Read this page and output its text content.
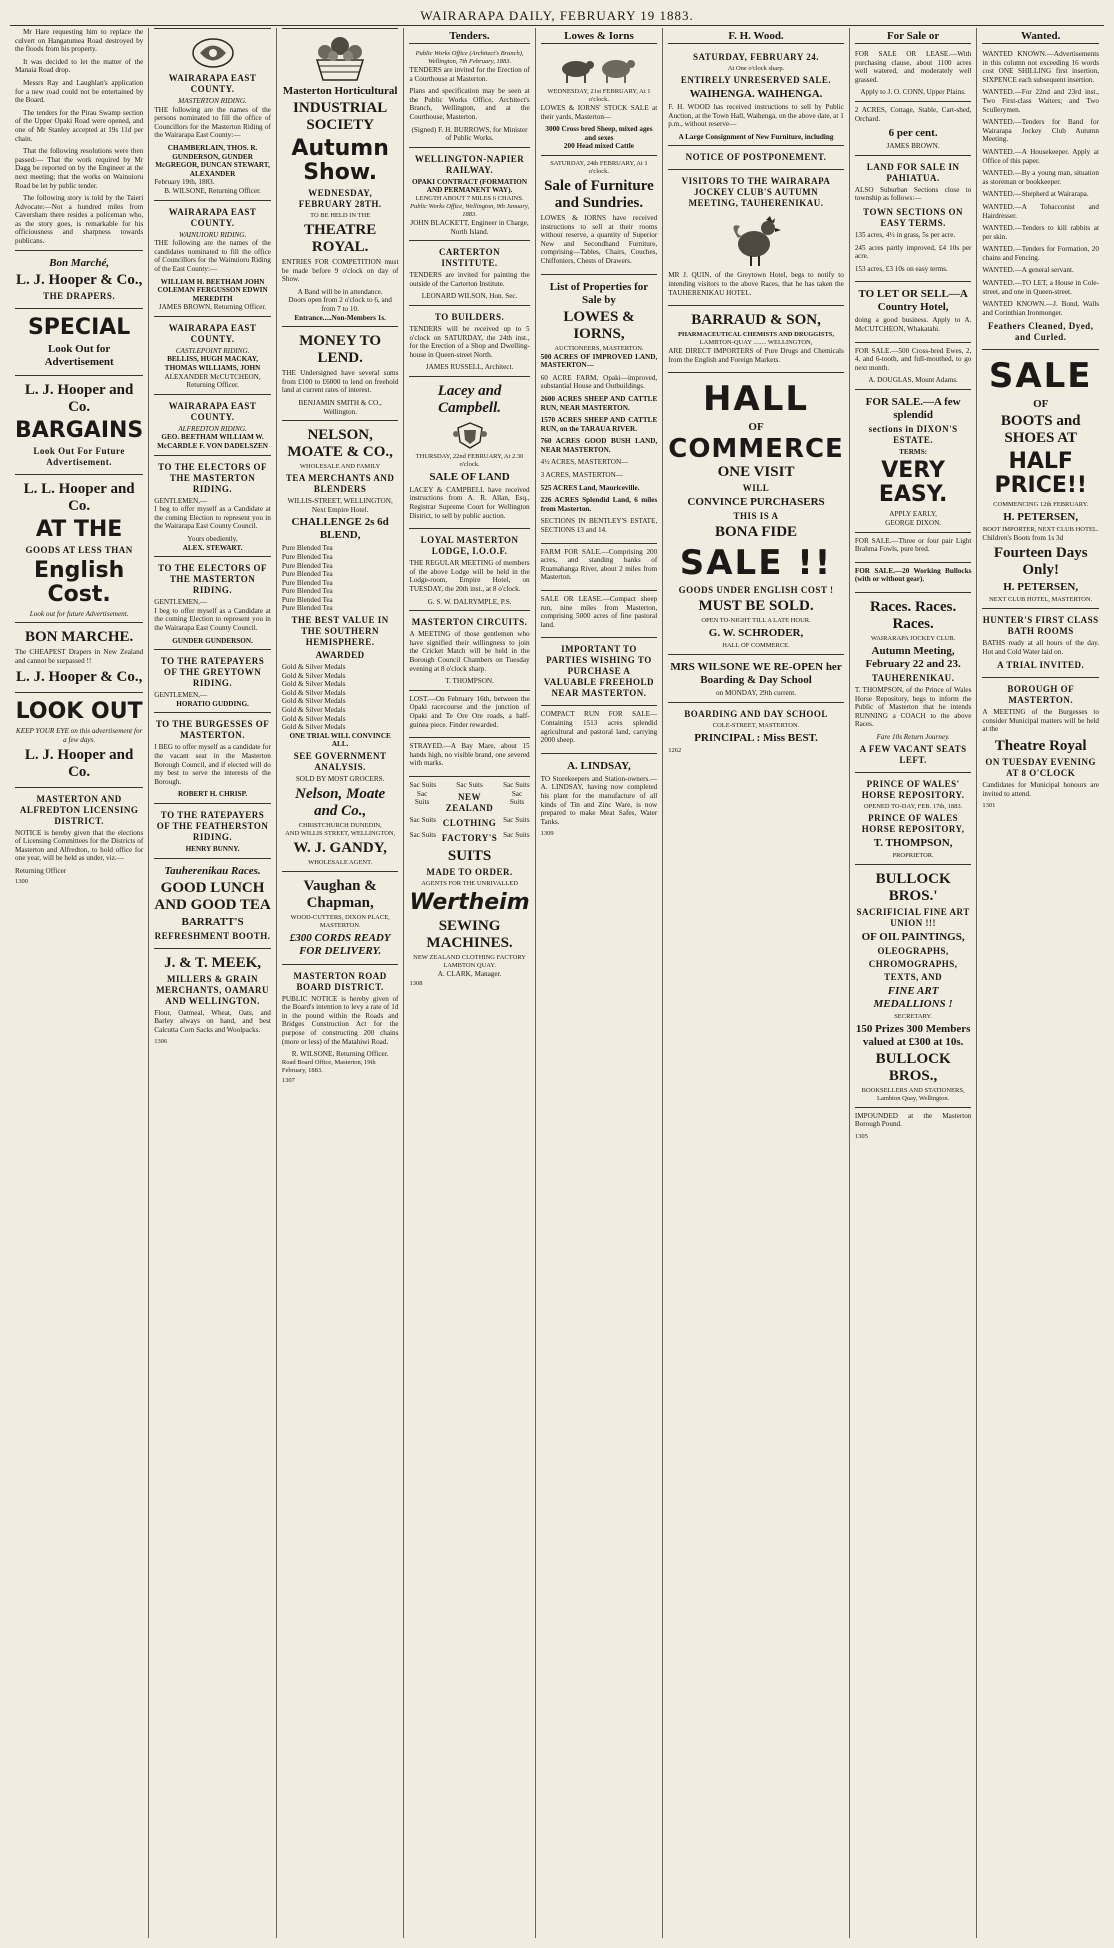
WAIRARAPA DAILY, FEBRUARY 19 1883.

Mr Hare requesting him to replace the culvert on Hangatumea Road destroyed by the floods from his property.

It was decided to let the matter of the Manaia Road drop.

Messrs Ray and Laughlan's application for a new road could not be entertained by the Board.

The tenders for the Pirau Swamp section of the Upper Opaki Road were opened, and one of Mr Stanley accepted at 19s 11d per chain.

That the following resolutions were then passed:— That the work required by Mr Dagg be reported on by the Engineer at the next meeting; that the works on Wainuioru Road be let by public tender.

The following story is told by the Taieri Advocate:—Not a hundred miles from Caversham there resides a policeman who, as the story goes, is remarkable for his officiousness and sharpness towards publicans.

Bon Marché,
L. J. Hooper & Co.,
THE DRAPERS.
SPECIAL
Look Out for Advertisement
L. J. Hooper and Co.
BARGAINS
Look Out For Future Advertisement.
L. L. Hooper and Co.
AT THE
GOODS AT LESS THAN
English Cost.
Look out for future Advertisement.
BON MARCHE.

The CHEAPEST Drapers in New Zealand and cannot be surpassed !!

L. J. Hooper & Co.,
LOOK OUT
KEEP YOUR EYE on this advertisement for a few days.
L. J. Hooper and Co.
MASTERTON AND ALFREDTON LICENSING DISTRICT.

NOTICE is hereby given that the elections of Licensing Committees for the Districts of Masterton and Alfredton, to hold office for one year, will be held as under, viz.—

Returning Officer
1300
WAIRARAPA EAST COUNTY.
MASTERTON RIDING.

THE following are the names of the persons nominated to fill the office of Councillors for the Masterton Riding of the Wairarapa East County:—

CHAMBERLAIN, THOS. R. GUNDERSON, GUNDER McGREGOR, DUNCAN STEWART, ALEXANDER
February 19th, 1883.
B. WILSONE, Returning Officer.
WAIRARAPA EAST COUNTY.
WAINUIORU RIDING.

THE following are the names of the candidates nominated to fill the office of Councillors for the Wainuioru Riding of the East County:—

WILLIAM H. BEETHAM JOHN COLEMAN FERGUSSON EDWIN MEREDITH
JAMES BROWN, Returning Officer.
WAIRARAPA EAST COUNTY.
CASTLEPOINT RIDING.
BELLISS, HUGH MACKAY, THOMAS WILLIAMS, JOHN
ALEXANDER McCUTCHEON, Returning Officer.
WAIRARAPA EAST COUNTY.
ALFREDTON RIDING.
GEO. BEETHAM WILLIAM W. McCARDLE F. VON DADELSZEN
TO THE ELECTORS OF THE MASTERTON RIDING.
GENTLEMEN,—

I beg to offer myself as a Candidate at the coming Election to represent you in the Wairarapa East County Council.

Yours obediently,
ALEX. STEWART.
TO THE ELECTORS OF THE MASTERTON RIDING.
GENTLEMEN,—

I beg to offer myself as a Candidate at the coming Election to represent you in the Wairarapa East County Council.

GUNDER GUNDERSON.
TO THE RATEPAYERS OF THE GREYTOWN RIDING.
GENTLEMEN,—
HORATIO GUDDING.
TO THE BURGESSES OF MASTERTON.

I BEG to offer myself as a candidate for the vacant seat in the Masterton Borough Council, and if elected will do my best to serve the interests of the Borough.

ROBERT H. CHRISP.
TO THE RATEPAYERS OF THE FEATHERSTON RIDING.
HENRY BUNNY.
Tauherenikau Races.
GOOD LUNCH AND GOOD TEA
BARRATT'S
REFRESHMENT BOOTH.
J. & T. MEEK,
MILLERS & GRAIN MERCHANTS, OAMARU AND WELLINGTON.

Flour, Oatmeal, Wheat, Oats, and Barley always on hand, and best Calcutta Corn Sacks and Woolpacks.

1306
Masterton Horticultural
INDUSTRIAL SOCIETY
Autumn Show.
WEDNESDAY, FEBRUARY 28TH.
TO BE HELD IN THE
THEATRE ROYAL.

ENTRIES FOR COMPETITION must be made before 9 o'clock on day of Show.

A Band will be in attendance.
Doors open from 2 o'clock to 6, and from 7 to 10.
Entrance.....Non-Members 1s.
MONEY TO LEND.

THE Undersigned have several sums from £100 to £6000 to lend on freehold land at current rates of interest.

BENJAMIN SMITH & CO., Wellington.
NELSON, MOATE & CO.,
WHOLESALE AND FAMILY
TEA MERCHANTS AND BLENDERS
WILLIS-STREET, WELLINGTON, Next Empire Hotel.
CHALLENGE 2s 6d BLEND,
Pure Blended Tea
Pure Blended Tea
Pure Blended Tea
Pure Blended Tea
Pure Blended Tea
Pure Blended Tea
Pure Blended Tea
Pure Blended Tea
THE BEST VALUE IN THE SOUTHERN HEMISPHERE.
AWARDED
Gold & Silver Medals
Gold & Silver Medals
Gold & Silver Medals
Gold & Silver Medals
Gold & Silver Medals
Gold & Silver Medals
Gold & Silver Medals
Gold & Silver Medals
ONE TRIAL WILL CONVINCE ALL.
SEE GOVERNMENT ANALYSIS.
SOLD BY MOST GROCERS.
Nelson, Moate and Co.,
CHRISTCHURCH DUNEDIN,
AND WILLIS STREET, WELLINGTON,
W. J. GANDY,
WHOLESALE AGENT.
Vaughan & Chapman,
WOOD-CUTTERS, DIXON PLACE, MASTERTON.
£300 CORDS READY FOR DELIVERY.
MASTERTON ROAD BOARD DISTRICT.

PUBLIC NOTICE is hereby given of the Board's intention to levy a rate of 1d in the pound within the Roads and Bridges Construction Act for the purpose of constructing 200 chains (more or less) of the Matahiwi Road.

R. WILSONE, Returning Officer.
Road Board Office, Masterton, 19th February, 1883.
1307
Tenders.
Public Works Office (Architect's Branch), Wellington, 7th February, 1883.

TENDERS are invited for the Erection of a Courthouse at Masterton.

Plans and specification may be seen at the Public Works Office, Architect's Branch, Wellington, and at the Courthouse, Masterton.

(Signed) F. H. BURROWS, for Minister of Public Works.
WELLINGTON-NAPIER RAILWAY.
OPAKI CONTRACT (FORMATION AND PERMANENT WAY).
LENGTH ABOUT 7 MILES 6 CHAINS.
Public Works Office, Wellington, 9th January, 1883.
JOHN BLACKETT, Engineer in Charge, North Island.
CARTERTON INSTITUTE.

TENDERS are invited for painting the outside of the Carterton Institute.

LEONARD WILSON, Hon. Sec.
TO BUILDERS.

TENDERS will be received up to 5 o'clock on SATURDAY, the 24th inst., for the Erection of a Shop and Dwelling-house in Queen-street North.

JAMES RUSSELL, Architect.
Lacey and Campbell.
THURSDAY, 22nd FEBRUARY, At 2.30 o'clock.
SALE OF LAND

LACEY & CAMPBELL have received instructions from A. R. Allan, Esq., Registrar Supreme Court for Wellington District, to sell by public auction.

LOYAL MASTERTON LODGE, I.O.O.F.

THE REGULAR MEETING of members of the above Lodge will be held in the Lodge-room, Empire Hotel, on TUESDAY, the 20th inst., at 8 o'clock.

G. S. W. DALRYMPLE, P.S.
MASTERTON CIRCUITS.

A MEETING of those gentlemen who have signified their willingness to join the Cricket Match will be held in the Borough Council Chambers on Tuesday evening at 8 o'clock sharp.

T. THOMPSON.

LOST.—On February 16th, between the Opaki racecourse and the junction of Opaki and Te Ore Ore roads, a half-guinea piece. Finder rewarded.

STRAYED.—A Bay Mare, about 15 hands high, no visible brand, one severed with marks.

Sac Suits	Sac Suits	Sac Suits
Sac Suits
NEW ZEALAND
Sac Suits
Sac Suits CLOTHING Sac Suits
Sac Suits FACTORY'S Sac Suits
SUITS
MADE TO ORDER.
AGENTS FOR THE UNRIVALLED
Wertheim
SEWING MACHINES.
NEW ZEALAND CLOTHING FACTORY LAMBTON QUAY.
A. CLARK, Manager.
1308
Lowes & Iorns
WEDNESDAY, 21st FEBRUARY, At 1 o'clock.

LOWES & IORNS' STOCK SALE at their yards, Masterton—

3000 Cross bred Sheep, mixed ages and sexes
200 Head mixed Cattle
SATURDAY, 24th FEBRUARY, At 1 o'clock.
Sale of Furniture and Sundries.

LOWES & IORNS have received instructions to sell at their rooms without reserve, a quantity of Superior New and Secondhand Furniture, comprising—Tables, Chairs, Couches, Chiffoniers, Chests of Drawers.

List of Properties for Sale by
LOWES & IORNS,
AUCTIONEERS, MASTERTON.

500 ACRES OF IMPROVED LAND, MASTERTON—

60 ACRE FARM, Opaki—improved, substantial House and Outbuildings.

2600 ACRES SHEEP AND CATTLE RUN, NEAR MASTERTON.

1570 ACRES SHEEP AND CATTLE RUN, on the TARAUA RIVER.

760 ACRES GOOD BUSH LAND, NEAR MASTERTON.

4½ ACRES, MASTERTON—

3 ACRES, MASTERTON—

525 ACRES Land, Mauriceville.

226 ACRES Splendid Land, 6 miles from Masterton.

SECTIONS IN BENTLEY'S ESTATE, SECTIONS 13 and 14.

FARM FOR SALE.—Comprising 200 acres, and standing banks of Ruamahanga River, about 2 miles from Masterton.

SALE OR LEASE.—Compact sheep run, nine miles from Masterton, comprising 5000 acres of fine pastoral land.

IMPORTANT TO PARTIES WISHING TO PURCHASE A VALUABLE FREEHOLD NEAR MASTERTON.

COMPACT RUN FOR SALE—Containing 1513 acres splendid agricultural and pastoral land, carrying 2000 sheep.

A. LINDSAY,

TO Storekeepers and Station-owners.—A. LINDSAY, having now completed his plant for the manufacture of all kinds of Tin and Zinc Ware, is now prepared to make Meat Safes, Water Tanks.

1309
F. H. Wood.
SATURDAY, FEBRUARY 24.
At One o'clock sharp.
ENTIRELY UNRESERVED SALE.
WAIHENGA. WAIHENGA.

F. H. WOOD has received instructions to sell by Public Auction, at the Town Hall, Waihenga, on the above date, at 1 p.m., without reserve—

A Large Consignment of New Furniture, including
NOTICE OF POSTPONEMENT.
VISITORS TO THE WAIRARAPA JOCKEY CLUB'S AUTUMN MEETING, TAUHERENIKAU.

MR J. QUIN, of the Greytown Hotel, begs to notify to intending visitors to the above Races, that he has taken the TAUHERENIKAU HOTEL.

BARRAUD & SON,
PHARMACEUTICAL CHEMISTS AND DRUGGISTS,
LAMBTON-QUAY ........ WELLINGTON,

ARE DIRECT IMPORTERS of Pure Drugs and Chemicals from the English and Foreign Markets.

HALL
OF
COMMERCE
ONE VISIT
WILL
CONVINCE PURCHASERS
THIS IS A
BONA FIDE
SALE !!
GOODS UNDER ENGLISH COST !
MUST BE SOLD.
OPEN TO-NIGHT TILL A LATE HOUR.
G. W. SCHRODER,
HALL OF COMMERCE.
MRS WILSONE WE RE-OPEN her Boarding & Day School
on MONDAY, 29th current.
BOARDING AND DAY SCHOOL
COLE-STREET, MASTERTON.
PRINCIPAL : Miss BEST.
1262
For Sale or

FOR SALE OR LEASE.—With purchasing clause, about 1100 acres well watered, and moderately well grassed.

Apply to J. O. CONN, Upper Plains.

2 ACRES, Cottage, Stable, Cart-shed, Orchard.

6 per cent.
JAMES BROWN.
LAND FOR SALE IN PAHIATUA.

ALSO Suburban Sections close to township as follows:—

TOWN SECTIONS ON EASY TERMS.

135 acres, 4½ in grass, 5s per acre.

245 acres partly improved, £4 10s per acre.

153 acres, £3 10s on easy terms.

TO LET OR SELL—A Country Hotel,

doing a good business. Apply to A. McCUTCHEON, Whakatahi.

FOR SALE.—500 Cross-bred Ewes, 2, 4, and 6-tooth, and full-mouthed, to go next month.

A. DOUGLAS, Mount Adams.
FOR SALE.—A few splendid
sections in DIXON'S ESTATE.
TERMS:
VERY EASY.
APPLY EARLY,
GEORGE DIXON.

FOR SALE.—Three or four pair Light Brahma Fowls, pure bred.

FOR SALE.—20 Working Bullocks (with or without gear).

Races. Races. Races.
WAIRARAPA JOCKEY CLUB.
Autumn Meeting, February 22 and 23.
TAUHERENIKAU.

T. THOMPSON, of the Prince of Wales Horse Repository, begs to inform the Public of Masterton that he intends RUNNING a COACH to the above Races.

Fare 10s Return Journey.
A FEW VACANT SEATS LEFT.
PRINCE OF WALES' HORSE REPOSITORY.
OPENED TO-DAY, FEB. 17th, 1883.
PRINCE OF WALES HORSE REPOSITORY,
T. THOMPSON,
PROPRIETOR.
BULLOCK BROS.'
SACRIFICIAL FINE ART UNION !!!
OF OIL PAINTINGS,
OLEOGRAPHS,
CHROMOGRAPHS,
TEXTS, AND
FINE ART MEDALLIONS !
SECRETARY.
150 Prizes 300 Members valued at £300 at 10s.
BULLOCK BROS.,
BOOKSELLERS AND STATIONERS,
Lambton Quay, Wellington.

IMPOUNDED at the Masterton Borough Pound.

1305
Wanted.

WANTED KNOWN.—Advertisements in this column not exceeding 16 words cost ONE SHILLING first insertion, SIXPENCE each subsequent insertion.

WANTED.—For 22nd and 23rd inst., Two First-class Waiters; and Two Scullerymen.

WANTED.—Tenders for Band for Wairarapa Jockey Club Autumn Meeting.

WANTED.—A Housekeeper. Apply at Office of this paper.

WANTED.—By a young man, situation as storeman or bookkeeper.

WANTED.—Shepherd at Wairarapa.

WANTED.—A Tobacconist and Hairdresser.

WANTED.—Tenders to kill rabbits at per skin.

WANTED.—Tenders for Formation, 20 chains and Fencing.

WANTED.—A general servant.

WANTED.—TO LET, a House in Cole-street, and one in Queen-street.

WANTED KNOWN.—J. Bond, Walls and Corinthian Ironmonger.

Feathers Cleaned, Dyed, and Curled.
SALE
OF
BOOTS and SHOES AT
HALF PRICE!!
COMMENCING 12th FEBRUARY.
H. PETERSEN,
BOOT IMPORTER, NEXT CLUB HOTEL.
Children's Boots from 1s 3d
Fourteen Days Only!
H. PETERSEN,
NEXT CLUB HOTEL, MASTERTON.
HUNTER'S FIRST CLASS BATH ROOMS

BATHS ready at all hours of the day. Hot and Cold Water laid on.

A TRIAL INVITED.
BOROUGH OF MASTERTON.

A MEETING of the Burgesses to consider Municipal matters will be held at the

Theatre Royal
ON TUESDAY EVENING AT 8 O'CLOCK

Candidates for Municipal honours are invited to attend.

1301
